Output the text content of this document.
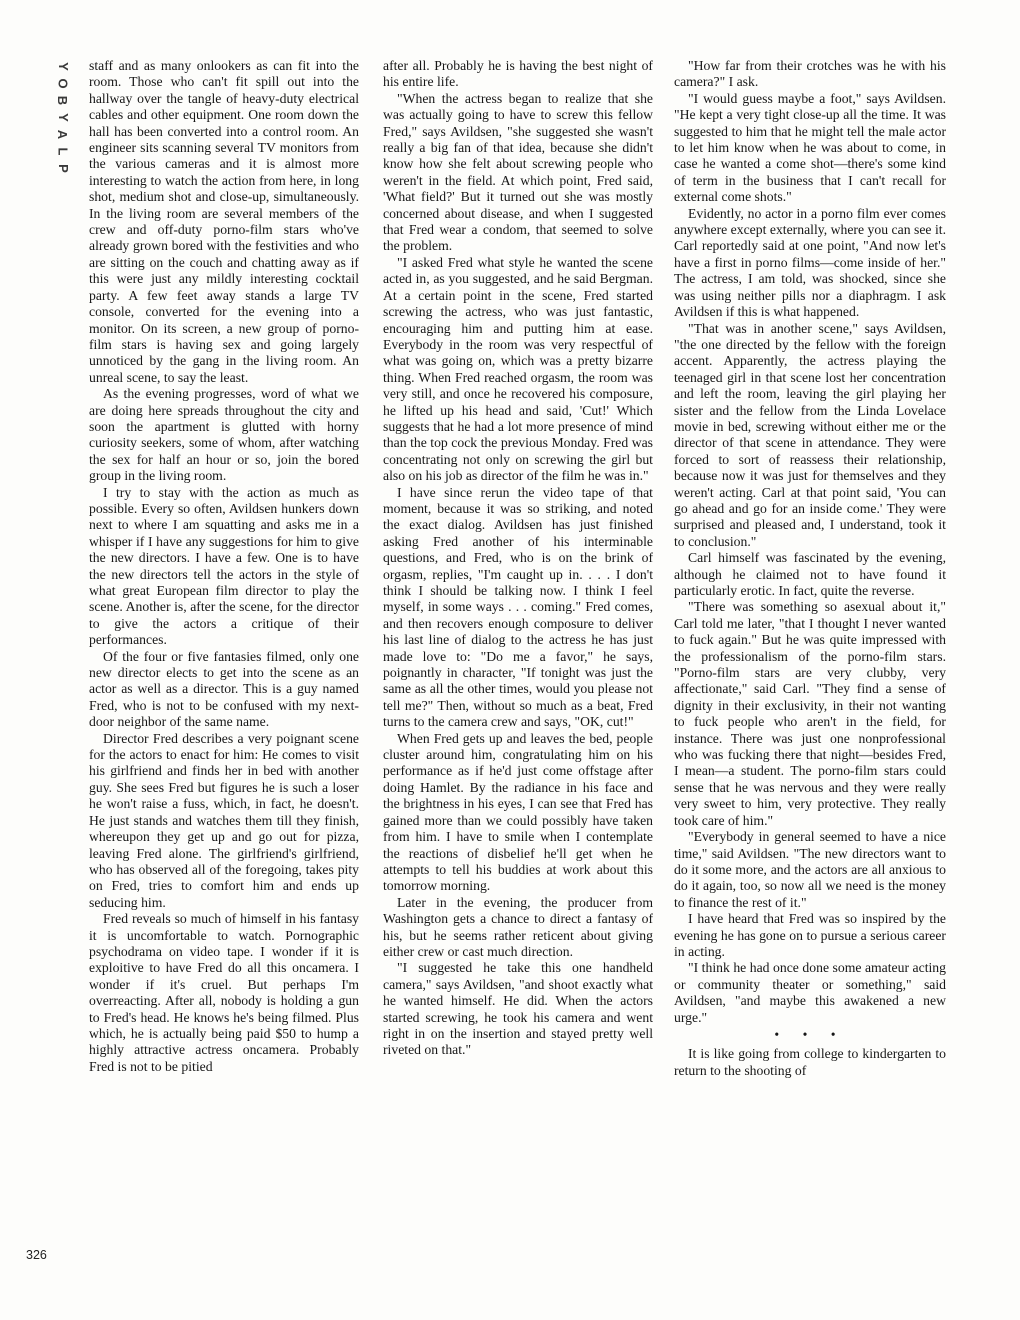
Y
O
B
Y
A
L
P
326

staff and as many onlookers as can fit into the room. Those who can't fit spill out into the hallway over the tangle of heavy-duty electrical cables and other equipment. One room down the hall has been converted into a control room. An engineer sits scanning several TV monitors from the various cameras and it is almost more interesting to watch the action from here, in long shot, medium shot and close-up, simultaneously. In the living room are several members of the crew and off-duty porno-film stars who've already grown bored with the festivities and who are sitting on the couch and chatting away as if this were just any mildly interesting cocktail party. A few feet away stands a large TV console, converted for the evening into a monitor. On its screen, a new group of porno-film stars is having sex and going largely unnoticed by the gang in the living room. An unreal scene, to say the least.

As the evening progresses, word of what we are doing here spreads throughout the city and soon the apartment is glutted with horny curiosity seekers, some of whom, after watching the sex for half an hour or so, join the bored group in the living room.

I try to stay with the action as much as possible. Every so often, Avildsen hunkers down next to where I am squatting and asks me in a whisper if I have any suggestions for him to give the new directors. I have a few. One is to have the new directors tell the actors in the style of what great European film director to play the scene. Another is, after the scene, for the director to give the actors a critique of their performances.

Of the four or five fantasies filmed, only one new director elects to get into the scene as an actor as well as a director. This is a guy named Fred, who is not to be confused with my next-door neighbor of the same name.

Director Fred describes a very poignant scene for the actors to enact for him: He comes to visit his girlfriend and finds her in bed with another guy. She sees Fred but figures he is such a loser he won't raise a fuss, which, in fact, he doesn't. He just stands and watches them till they finish, whereupon they get up and go out for pizza, leaving Fred alone. The girlfriend's girlfriend, who has observed all of the foregoing, takes pity on Fred, tries to comfort him and ends up seducing him.

Fred reveals so much of himself in his fantasy it is uncomfortable to watch. Pornographic psychodrama on video tape. I wonder if it is exploitive to have Fred do all this oncamera. I wonder if it's cruel. But perhaps I'm overreacting. After all, nobody is holding a gun to Fred's head. He knows he's being filmed. Plus which, he is actually being paid $50 to hump a highly attractive actress oncamera. Probably Fred is not to be pitied

after all. Probably he is having the best night of his entire life.

"When the actress began to realize that she was actually going to have to screw this fellow Fred," says Avildsen, "she suggested she wasn't really a big fan of that idea, because she didn't know how she felt about screwing people who weren't in the field. At which point, Fred said, 'What field?' But it turned out she was mostly concerned about disease, and when I suggested that Fred wear a condom, that seemed to solve the problem.

"I asked Fred what style he wanted the scene acted in, as you suggested, and he said Bergman. At a certain point in the scene, Fred started screwing the actress, who was just fantastic, encouraging him and putting him at ease. Everybody in the room was very respectful of what was going on, which was a pretty bizarre thing. When Fred reached orgasm, the room was very still, and once he recovered his composure, he lifted up his head and said, 'Cut!' Which suggests that he had a lot more presence of mind than the top cock the previous Monday. Fred was concentrating not only on screwing the girl but also on his job as director of the film he was in."

I have since rerun the video tape of that moment, because it was so striking, and noted the exact dialog. Avildsen has just finished asking Fred another of his interminable questions, and Fred, who is on the brink of orgasm, replies, "I'm caught up in. . . . I don't think I should be talking now. I think I feel myself, in some ways . . . coming." Fred comes, and then recovers enough composure to deliver his last line of dialog to the actress he has just made love to: "Do me a favor," he says, poignantly in character, "If tonight was just the same as all the other times, would you please not tell me?" Then, without so much as a beat, Fred turns to the camera crew and says, "OK, cut!"

When Fred gets up and leaves the bed, people cluster around him, congratulating him on his performance as if he'd just come offstage after doing Hamlet. By the radiance in his face and the brightness in his eyes, I can see that Fred has gained more than we could possibly have taken from him. I have to smile when I contemplate the reactions of disbelief he'll get when he attempts to tell his buddies at work about this tomorrow morning.

Later in the evening, the producer from Washington gets a chance to direct a fantasy of his, but he seems rather reticent about giving either crew or cast much direction.

"I suggested he take this one handheld camera," says Avildsen, "and shoot exactly what he wanted himself. He did. When the actors started screwing, he took his camera and went right in on the insertion and stayed pretty well riveted on that."

"How far from their crotches was he with his camera?" I ask.

"I would guess maybe a foot," says Avildsen. "He kept a very tight close-up all the time. It was suggested to him that he might tell the male actor to let him know when he was about to come, in case he wanted a come shot—there's some kind of term in the business that I can't recall for external come shots."

Evidently, no actor in a porno film ever comes anywhere except externally, where you can see it. Carl reportedly said at one point, "And now let's have a first in porno films—come inside of her." The actress, I am told, was shocked, since she was using neither pills nor a diaphragm. I ask Avildsen if this is what happened.

"That was in another scene," says Avildsen, "the one directed by the fellow with the foreign accent. Apparently, the actress playing the teenaged girl in that scene lost her concentration and left the room, leaving the girl playing her sister and the fellow from the Linda Lovelace movie in bed, screwing without either me or the director of that scene in attendance. They were forced to sort of reassess their relationship, because now it was just for themselves and they weren't acting. Carl at that point said, 'You can go ahead and go for an inside come.' They were surprised and pleased and, I understand, took it to conclusion."

Carl himself was fascinated by the evening, although he claimed not to have found it particularly erotic. In fact, quite the reverse.

"There was something so asexual about it," Carl told me later, "that I thought I never wanted to fuck again." But he was quite impressed with the professionalism of the porno-film stars. "Porno-film stars are very clubby, very affectionate," said Carl. "They find a sense of dignity in their exclusivity, in their not wanting to fuck people who aren't in the field, for instance. There was just one nonprofessional who was fucking there that night—besides Fred, I mean—a student. The porno-film stars could sense that he was nervous and they were really very sweet to him, very protective. They really took care of him."

"Everybody in general seemed to have a nice time," said Avildsen. "The new directors want to do it some more, and the actors are all anxious to do it again, too, so now all we need is the money to finance the rest of it."

I have heard that Fred was so inspired by the evening he has gone on to pursue a serious career in acting.

"I think he had once done some amateur acting or community theater or something," said Avildsen, "and maybe this awakened a new urge."

• • •

It is like going from college to kindergarten to return to the shooting of
